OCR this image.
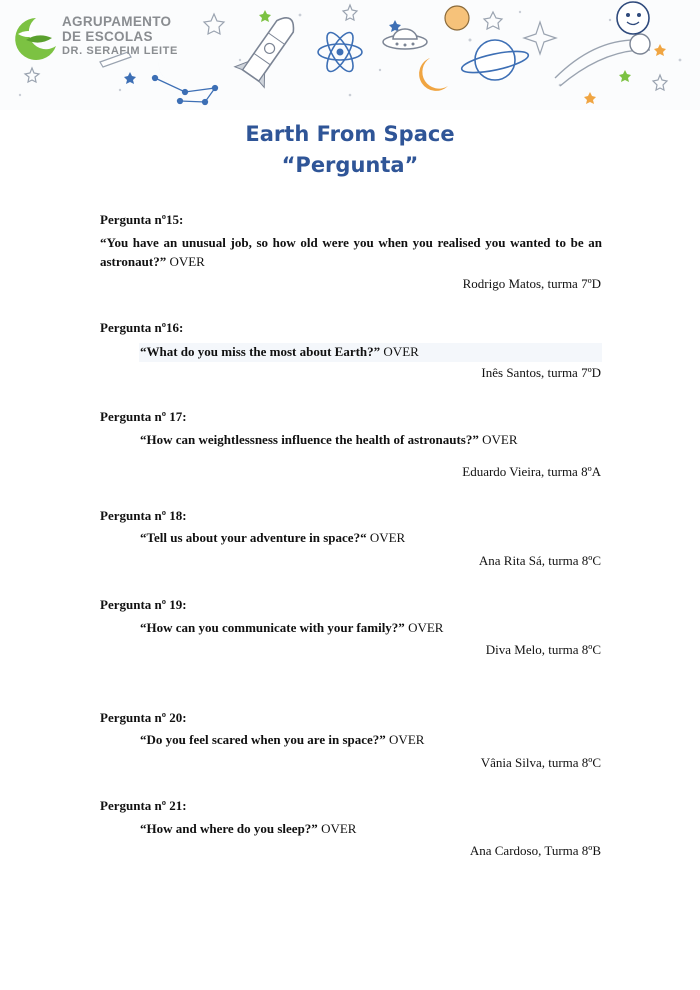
AGRUPAMENTO
DE ESCOLAS
DR. SERAFIM LEITE
Earth From Space
“Pergunta”
Pergunta nº15:
“You have an unusual job, so how old were you when you realised you wanted to be an astronaut?” OVER
Rodrigo Matos, turma 7ºD
Pergunta nº16:
“What do you miss the most about Earth?” OVER
Inês Santos, turma 7ºD
Pergunta nº 17:
“How can weightlessness influence the health of astronauts?” OVER
Eduardo Vieira, turma 8ºA
Pergunta nº 18:
“Tell us about your adventure in space?“ OVER
Ana Rita Sá, turma 8ºC
Pergunta nº 19:
“How can you communicate with your family?” OVER
Diva Melo, turma 8ºC
Pergunta nº 20:
“Do you feel scared when you are in space?” OVER
Vânia Silva, turma 8ºC
Pergunta nº 21:
“How and where do you sleep?” OVER
Ana Cardoso, Turma 8ºB
